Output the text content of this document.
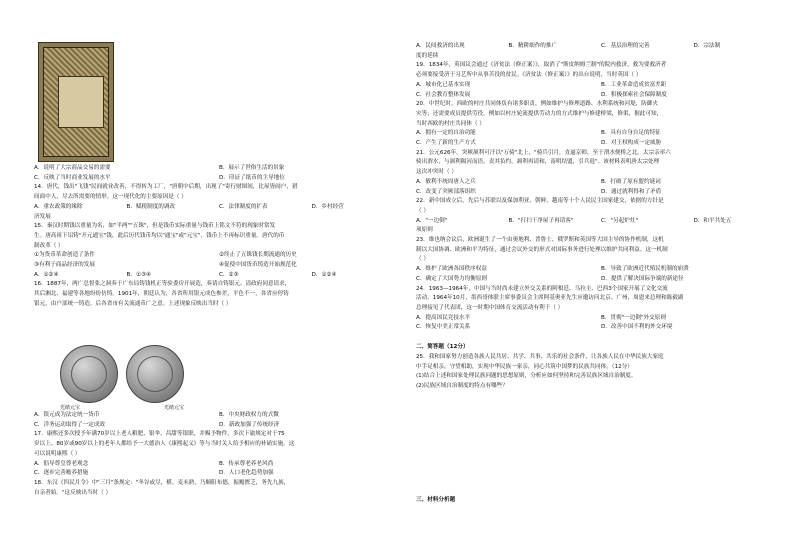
A．说明了大宗商品交易的需要	B．展示了世俗生活的景象
C．反映了当时商业发展的水平	D．印证了纸币的主导地位
14．唐代，钱出"飞钱"民间就业改善，不得转为工厂，"唐朝中后期，出现了"寄行财图间，比屋皆闹户，猎
间面中人，尽去所需要的情形。这一现代化的主要原因是（ ）
A．重农政策的缘除	B．赋税制度的调改	C．法律制度的扩表	D．乡村经营
济发展
15．秦汉时期钱以重量为名，如"半两""五铢"，但是钱币实际重量与钱币上铭文不符的现象时常发
生。唐高祖下诏铸"开元通宝"钱，此后历代钱币均以"通宝"或"元宝"，钱币上不再标识重量。唐代的币
制改革（ ）
①为货币革命创造了条件	②终止了五铢钱长期流通的历史
③有利于商品经济的发展	④促使中国货币铸造开始规范化
A．①②④	B．①③④	C．②③	D．①②④
16．1887年，两广总督张之洞奏于广东局铸钱机正等验委房开展造，奏请自铸银元。清政府同意请求，
其后湘北、福建等各地纷纷仿铸。1901年，朝廷认为，各省所用银元成色参差，平色不一，各省应停铸
银元，由户部统一铸造。后各省市有关流通币广之意。上述现象反映出当时（ ）
光绪元宝	光绪元宝
A．银元成为法定统一货币	B．中央财政权力的式微
C．洋务运动取得了一定成效	D．新政加强了传统经济
17．康熙还多次授予年满70岁以上老人粮肥、银伞、昌甜等银职，并赐予物件，多次下谕规定对于75
岁以上、80岁或90岁以上的老年人都给予一大德治人《康熙起义》等与当时关人给予相应的补诵实施。这
可以说明康熙（ ）
A．倡导尊皇尊老观念	B．传承尊老养老风尚
C．逐步完善赡养措施	D．人口老化趋势加强
18．东汉《四民月令》中"三月"条规定："冬谷或尽，椹、麦未熟，乃顺阳布德，振赡匮乏，务先九族，
自亲者始。"这反映出当时（ ）
A．民间救济的出现	B．精耕细作的推广	C．基层治理的完善	D．宗法制
度的延续
19．1834年，英国议会通过《济贫法（修正案）》，取消了"斯皮纳姆兰制"的院内救济，救为要救济者
必须要接受济于习艺所中从事苦役的贫民。《济贫法（修正案）》的出台说明，当时英国（ ）
A．城市化已基本实现	B．工业革命造成贫富差距
C．社会教育整体发展	D．积极探索社会保障制度
20．中世纪时，西欧的村庄共同体负有诸多职责，例如维护与修理道路、水利系统和河堤，防御火
灾等；还需要成员提供劳役。例如以村庄轮流提供劳动力的方式维护与修建桥梁，修渠，据此可知，
当时西欧的村庄共同体（ ）
A．拥有一定的自治功能	B．具有自身自足的特征
C．产生了新的生产方式	D．对王权构成一定威胁
21．公元626年，突厥颉利可汗以"万骑"北上，"骑兵引月，直逼京师，至于渭水便桥之北。太宗亲率六
骑出渭水，与颉利隔河而语，责其负约，颉利再请和，南明结盟，引兵退"。该材料表明唐太宗处理
这次冲突时（ ）
A．敏利不统周唐人之兵	B．打破了原有盟约谜词
C．改变了突厥部落组织	D．通过就利得和了矛盾
22．新中国成立后，先后与苏联以及保加利亚、朝鲜、越南等十个人民民主国家建交，依据的方针是
（ ）
A．"一边倒"	B．"打扫干净屋子再请客"	C．"另起炉灶"	D．和平共处五
项原则
23．维也纳会议后，欧洲诞生了一个由奥地利、普鲁士、俄罗斯和英国等大国主导的协作机制，这机
制以大国协调、欧洲和平为特征，通过会议外交的形式对国际事务进行处理以维护共同利益。这一机制
（ ）
A．维护了欧洲各国秩序权益	B．导致了欧洲近代殖民机制的崩溃
C．确定了大国势力均衡原则	D．提供了解决国际争端的新途径
24．1963—1964年，中国与当时尚未建立外交关系的阿根廷、乌拉圭、巴西3个国家开展了文化交流
活动。1964年10月，墨西哥体联主席事委员会主席阿基奥亚先生应邀访问北京、广州，周恩来总理和陈毅副
总理接见了代表团，这一时期中国体育交流活动有利于（ ）
A．提高国民竞技水平	B．贯彻"一边倒"外交原则
C．恢复中美正常关系	D．改善中国不利的外交环境
二、简答题（12分）
25．我和国家努力创造各族人民共居、共学、共事、共乐的社会条件，让各族人民在中华民族大家庭
中手足相亲，守望相助，实现中华民族一家亲，同心共筑中国梦的民族共同体。（12分）
(1)结合上述和国家处理民族问题的思想原则，分析应如何坚持和完善民族区域自治制度。
(2)民族区域自治制度的特点有哪些？
三、材料分析题
